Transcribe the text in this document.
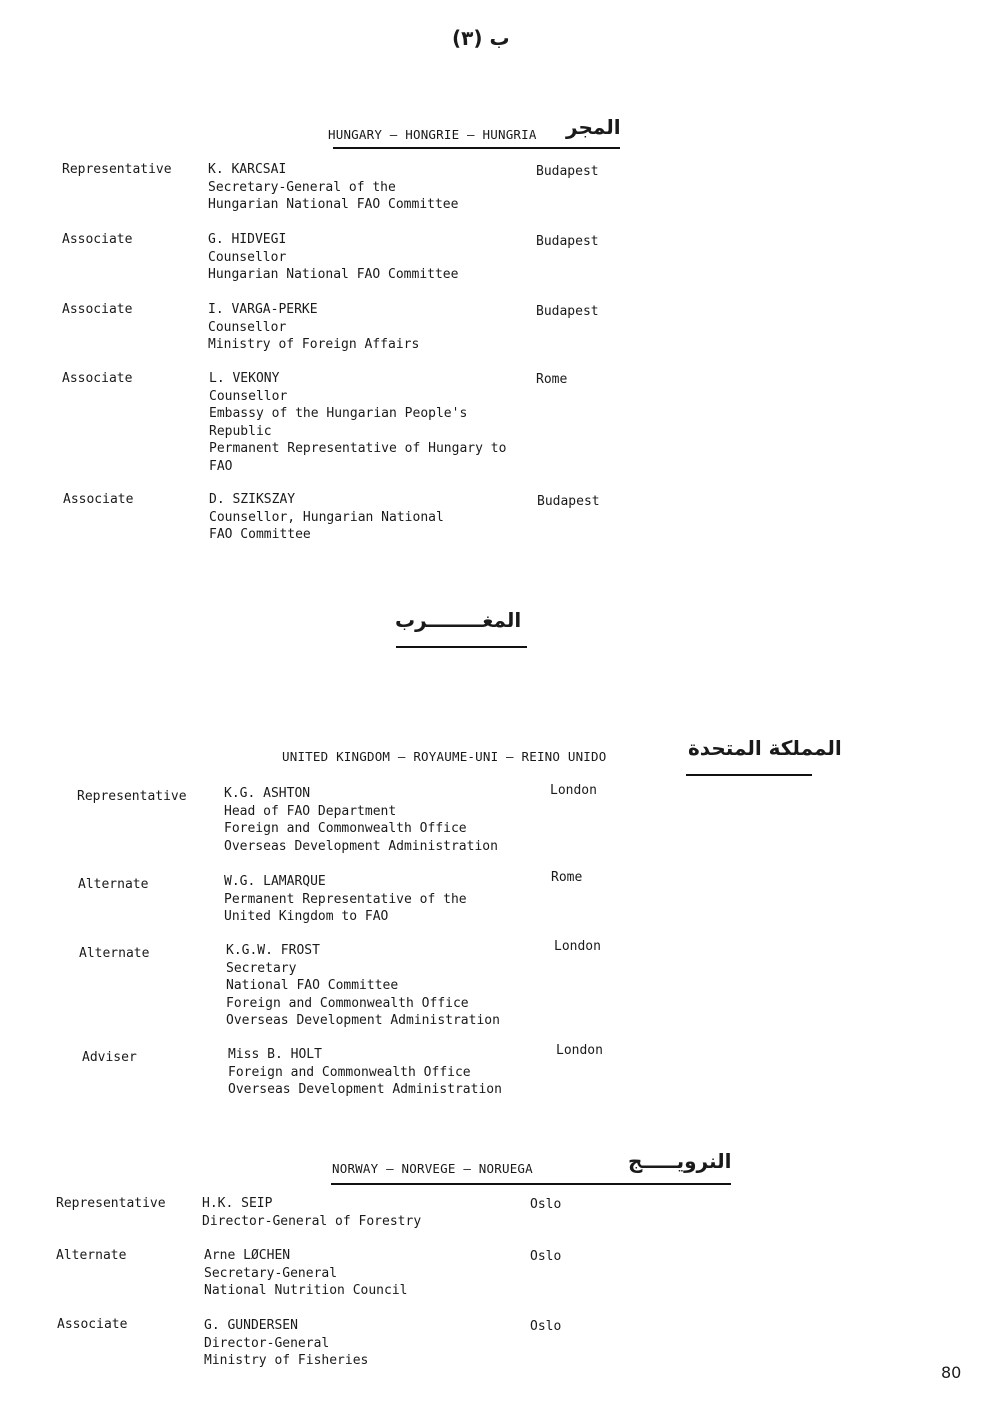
ب (٣)
HUNGARY – HONGRIE – HUNGRIA المجر
Representative	K. KARCSAI
Secretary-General of the
Hungarian National FAO Committee
Budapest
Associate	G. HIDVEGI
Counsellor
Hungarian National FAO Committee
Budapest
Associate	I. VARGA-PERKE
Counsellor
Ministry of Foreign Affairs
Budapest
Associate	L. VEKONY
Counsellor
Embassy of the Hungarian People's
Republic
Permanent Representative of Hungary to
FAO
Rome
Associate	D. SZIKSZAY
Counsellor, Hungarian National
FAO Committee
Budapest
المغــــــــرب
UNITED KINGDOM – ROYAUME-UNI – REINO UNIDO	المملكة المتحدة
Representative	K.G. ASHTON
Head of FAO Department
Foreign and Commonwealth Office
Overseas Development Administration
London
Alternate	W.G. LAMARQUE
Permanent Representative of the
United Kingdom to FAO
Rome
Alternate	K.G.W. FROST
Secretary
National FAO Committee
Foreign and Commonwealth Office
Overseas Development Administration
London
Adviser	Miss B. HOLT
Foreign and Commonwealth Office
Overseas Development Administration
London
NORWAY – NORVEGE – NORUEGA	النرويـــــج
Representative	H.K. SEIP
Director-General of Forestry
Oslo
Alternate	Arne LØCHEN
Secretary-General
National Nutrition Council
Oslo
Associate	G. GUNDERSEN
Director-General
Ministry of Fisheries
Oslo
80
